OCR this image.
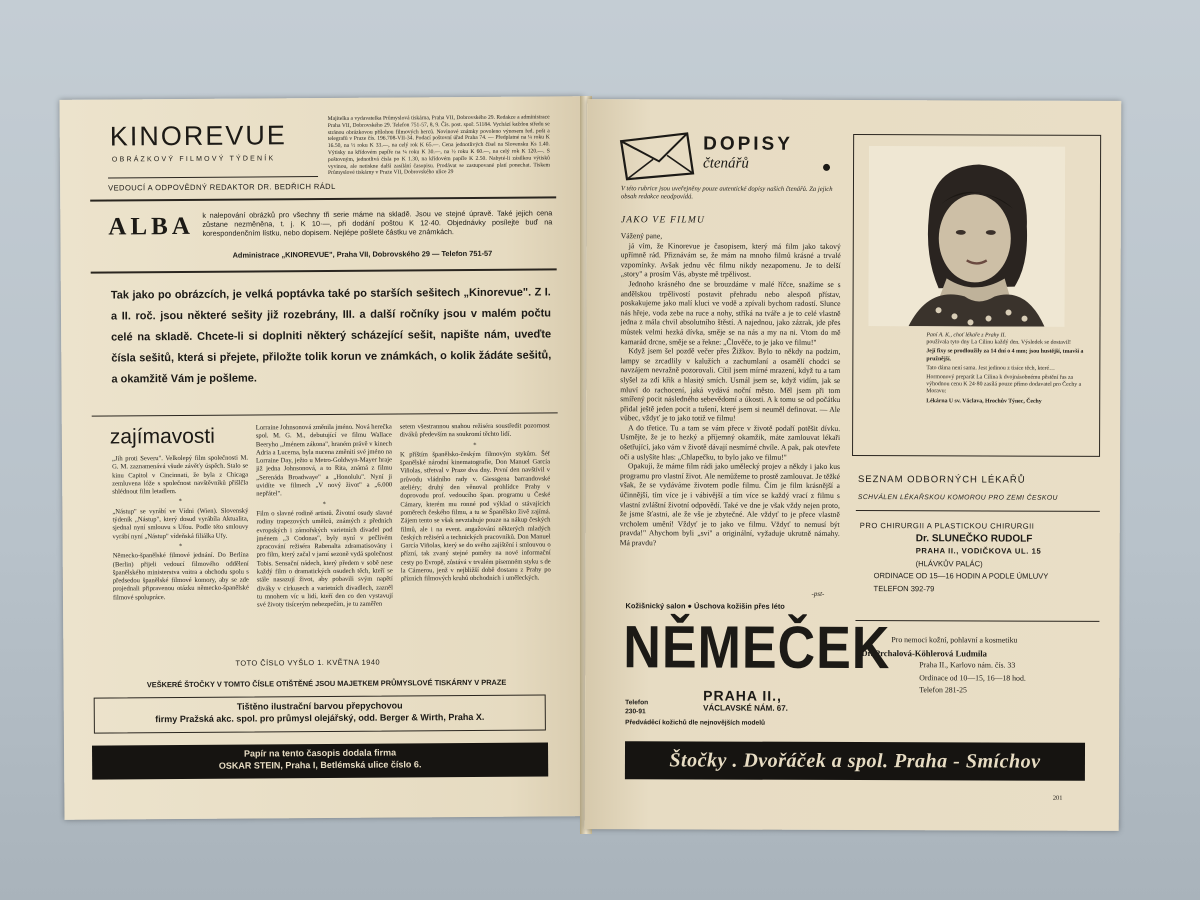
KINOREVUE
OBRÁZKOVÝ FILMOVÝ TÝDENÍK
Majitelka a vydavatelka Průmyslová tiskárna, Praha VII, Dobrovského 29. Redakce a administrace Praha VII, Dobrovského 29. Telefon 751-57, 8, 9. Čís. post. spoř. 51184. Vychází každou středu se stránou obrázkovou přílohou filmových herců. Novinové známky povoleno výnosem řed. pošt a telegrafů v Praze čís. 196.708-VII-34. Podací poštovní úřad Praha 74. — Předplatné na ¼ roku K 16.50, na ½ roku K 33.—, na celý rok K 65.—. Cena jednotlivých čísel na Slovensku Ks 1.40. Výtisky na křídovém papíře na ¼ roku K 30.—, na ½ roku K 60.—, na celý rok K 120.—. S poštovným, jednotlivá čísla po K 1.30, na křídovém papíře K 2.50. Nabyté-li zásilkou výtisků vyvinou, ale netiskne další zasílání časopisu. Prodávat se zastupované platí ponechat. Tiskem Průmyslové tiskárny v Praze VII, Dobrovského ulice 29
VEDOUCÍ A ODPOVĚDNÝ REDAKTOR DR. BEDŘICH RÁDL
ALBA k nalepování obrázků pro všechny tři serie máme na skladě. Jsou ve stejné úpravě. Také jejich cena zůstane nezměněna, t. j. K 10·—, při dodání poštou K 12·40. Objednávky posílejte buď na korespondenčním lístku, nebo dopisem. Nejlépe pošlete částku ve známkách.
Administrace „KINOREVUE", Praha VII, Dobrovského 29 — Telefon 751-57
Tak jako po obrázcích, je velká poptávka také po starších sešitech „Kinorevue". Z I. a II. roč. jsou některé sešity již rozebrány, III. a další ročníky jsou v malém počtu celé na skladě. Chcete-li si doplniti některý scházející sešit, napište nám, uveďte čísla sešitů, která si přejete, přiložte tolik korun ve známkách, o kolik žádáte sešitů, a okamžitě Vám je pošleme.
zajímavosti

„Jih proti Severu". Velkolepý film společnosti M. G. M. zaznamenává všude závěťy úspěch. Stalo se kinu Capitol v Cincinnati, že byla z Chicaga zemluvena lóže s společnost navštěvníků přišlčla shlédnout film letadlem.

*

„Nástup" se vyrábí ve Vídni (Wien). Slovenský týdeník „Nástup", který dosud vyrábíla Aktualita, sjednal nyní smlouvu s Ufou. Podle této smlouvy vyrábí nyní „Nástup" vídeňská filiálka Ufy.

*

Německo-španělské filmové jednání. Do Berlína (Berlin) přijeli vedoucí filmového oddělení španělského ministerstva vnitra a obchodu spolu s předsedou španělské filmové komory, aby se zde projednali připravenou otázku německo-španělské filmové spolupráce.

Lorraine Johnsonová změnila jméno. Nová herečka spol. M. G. M., debutující ve filmu Wallace Beeryho „Jménem zákona", hraném právě v kinech Adria a Lucerna, byla nucena změniti své jméno na Lorraine Day, ježto u Metro-Goldwyn-Mayer hraje již jedna Johnsonová, a to Rita, známá z filmu „Serenáda Broadwaye" a „Honolulu". Nyní ji uvidíte ve filmech „V nový život" a „6.000 nepřátel".

*

Film o slavné rodině artistů. Životní osudy slavné rodiny trapezových umělců, známých z předních evropských i zámořských varietních divadel pod jménem „3 Codonas", byly nyní v pečlivém zpracování režiséra Rabenalta zdramatisovány i pro film, který začal v jarní sezoně vydá společnost Tobis. Sensační nádech, který předem v sobě nese každý film o dramatických osudech těch, kteří se stále nasazují život, aby pobavili svým napětí diváky v cirkusech a varietních divadlech, zazněl tu mnohem víc u lidí, kteří den co den vystavují své životy tisícerým nebezpečím, je tu zaměřen

setem všestrannou snahou režiséra soustředit pozornost diváků především na soukromí těchto lidí.

*

K příštím španělsko-českým filmovým stykům. Šéf španělské národní kinematografie, Don Manuel García Viñolas, střetval v Praze dva dny. První den navštívil v průvodu vládního rady v. Giessgena barrandovské ateliéry; druhý den věnoval prohlídce Prahy v doprovodu prof. vedoucího špan. programu u České Cámary, kterém mu ronné pod výklad o stávajících poměrech českého filmu, a tu se Španělsko živě zajímá. Zájem tento se však nevztahuje pouze na nákup českých filmů, ale i na event. angažování některých mladých českých režisérů a technických pracovníků. Don Manuel García Viñolas, který se do svého zajištění i smlouvou o přízní, tak zvaný stejné poměry na nové informační cesty po Evropě, zůstává v trvalém písemném styku s de la Cámerou, jenž v nejbližší době dostanu z Prahy po přízních filmových kruhů obchodních i uměleckých.

TOTO ČÍSLO VYŠLO 1. KVĚTNA 1940
VEŠKERÉ ŠTOČKY V TOMTO ČÍSLE OTIŠTĚNÉ JSOU MAJETKEM PRŮMYSLOVÉ TISKÁRNY V PRAZE
Tištěno ilustrační barvou přepychovou
firmy Pražská akc. spol. pro průmysl olejářský, odd. Berger & Wirth, Praha X.
Papír na tento časopis dodala firma
OSKAR STEIN, Praha I, Betlémská ulice číslo 6.
DOPISY
čtenářů
V této rubrice jsou uveřejněny pouze autentické dopisy našich čtenářů. Za jejich obsah redakce neodpovídá.
JAKO VE FILMU

Vážený pane,

já vím, že Kinorevue je časopisem, který má film jako takový upřímně rád. Přiznávám se, že mám na mnoho filmů krásné a trvalé vzpomínky. Avšak jednu věc filmu nikdy nezapomenu. Je to delší „story" a prosím Vás, abyste mě trpělivost.

Jednoho krásného dne se brouzdáme v malé říčce, snažíme se s andělskou trpělivostí postavit přehradu nebo alespoň přístav, poskakujeme jako malí kluci ve vodě a zpívali bychom radostí. Slunce nás hřeje, voda zebe na ruce a nohy, stříká na tváře a je to celé vlastně jedna z mála chvil absolutního štěstí. A najednou, jako zázrak, jde přes můstek velmi hezká dívka, směje se na nás a my na ni. Vtom do mě kamarád drcne, směje se a řekne: „Člověče, to je jako ve filmu!"

Když jsem šel pozdě večer přes Žižkov. Bylo to někdy na podzim, lampy se zrcadlily v kalužích a zachumlaní a osamělí chodci se navzájem nevražně pozorovali. Cítil jsem mírné mrazení, když tu a tam slyšel za zdí křik a hlasitý smích. Usmál jsem se, když vidím, jak se mluví do rachocení, jaká vydává noční město. Měl jsem při tom smířený pocit následného sebevědomí a úkosti. A k tomu se od počátku přidal ještě jeden pocit a tušení, které jsem si neuměl definovat. — Ale vůbec, vždyť je to jako totiž ve filmu!

A do třetice. Tu a tam se vám přece v životě podaří potěšit dívku. Usmějte, že je to hezký a příjemný okamžik, máte zamlouvat lékaři ošetřující, jako vám v životě dávají nesmírné chvíle. A pak, pak otevřete oči a uslyšíte hlas: „Chlapečku, to bylo jako ve filmu!"

Opakuji, že máme film rádi jako umělecký projev a někdy i jako kus programu pro vlastní život. Ale nemůžeme to prostě zamlouvat. Je těžké však, že se vydáváme životem podle filmu. Čím je film krásnější a účinnější, tím více je i vábivější a tím více se každý vrací z filmu s vlastní zvláštní životní odpovědí. Také ve dne je však vždy nejen proto, že jsme šťastni, ale že vše je zbytečné. Ale vždyť to je přece vlastně vrcholem umění! Vždyť je to jako ve filmu. Vždyť to nemusí být pravda!" Ahychom byli „svi" a originální, vyžaduje ukrutně námahy. Má pravdu?

-pst-
Paní A. K., choť lékaře z Prahy II.
používala tyto dny La Cilinu každý den. Výsledek se dostavil!
Její fixy se prodloužily za 14 dní o 4 mm; jsou hustější, tmavší a pružnější.
Tato dáma není sama. Jest jedinou z tisíce těch, které…
Hormonový preparát La Cilina k dvojnásobnému pěstění řas za výhodnou cenu K 24·80 zasílá pouze přímo dodavatel pro Čechy a Moravu:
Lékárna U sv. Václava, Hrochův Týnec, Čechy
SEZNAM ODBORNÝCH LÉKAŘŮ
SCHVÁLEN LÉKAŘSKOU KOMOROU PRO ZEMI ČESKOU
PRO CHIRURGII A PLASTICKOU CHIRURGII
Dr. SLUNEČKO RUDOLF
PRAHA II., VODIČKOVA UL. 15
(HLÁVKŮV PALÁC)
ORDINACE OD 15—16 HODIN A PODLE ÚMLUVY
TELEFON 392-79
Pro nemoci kožní, pohlavní a kosmetiku
Dr. Prchalová-Köhlerová Ludmila
Praha II., Karlovo nám. čís. 33
Ordinace od 10—15, 16—18 hod.
Telefon 281-25
Kožišnický salon ● Úschova kožišin přes léto
NĚMEČEK
Telefon
230-91
PRAHA II.,
VÁCLAVSKÉ NÁM. 67.
Předváděcí kožichů dle nejnovějších modelů
Štočky . Dvořáček a spol. Praha - Smíchov
201
